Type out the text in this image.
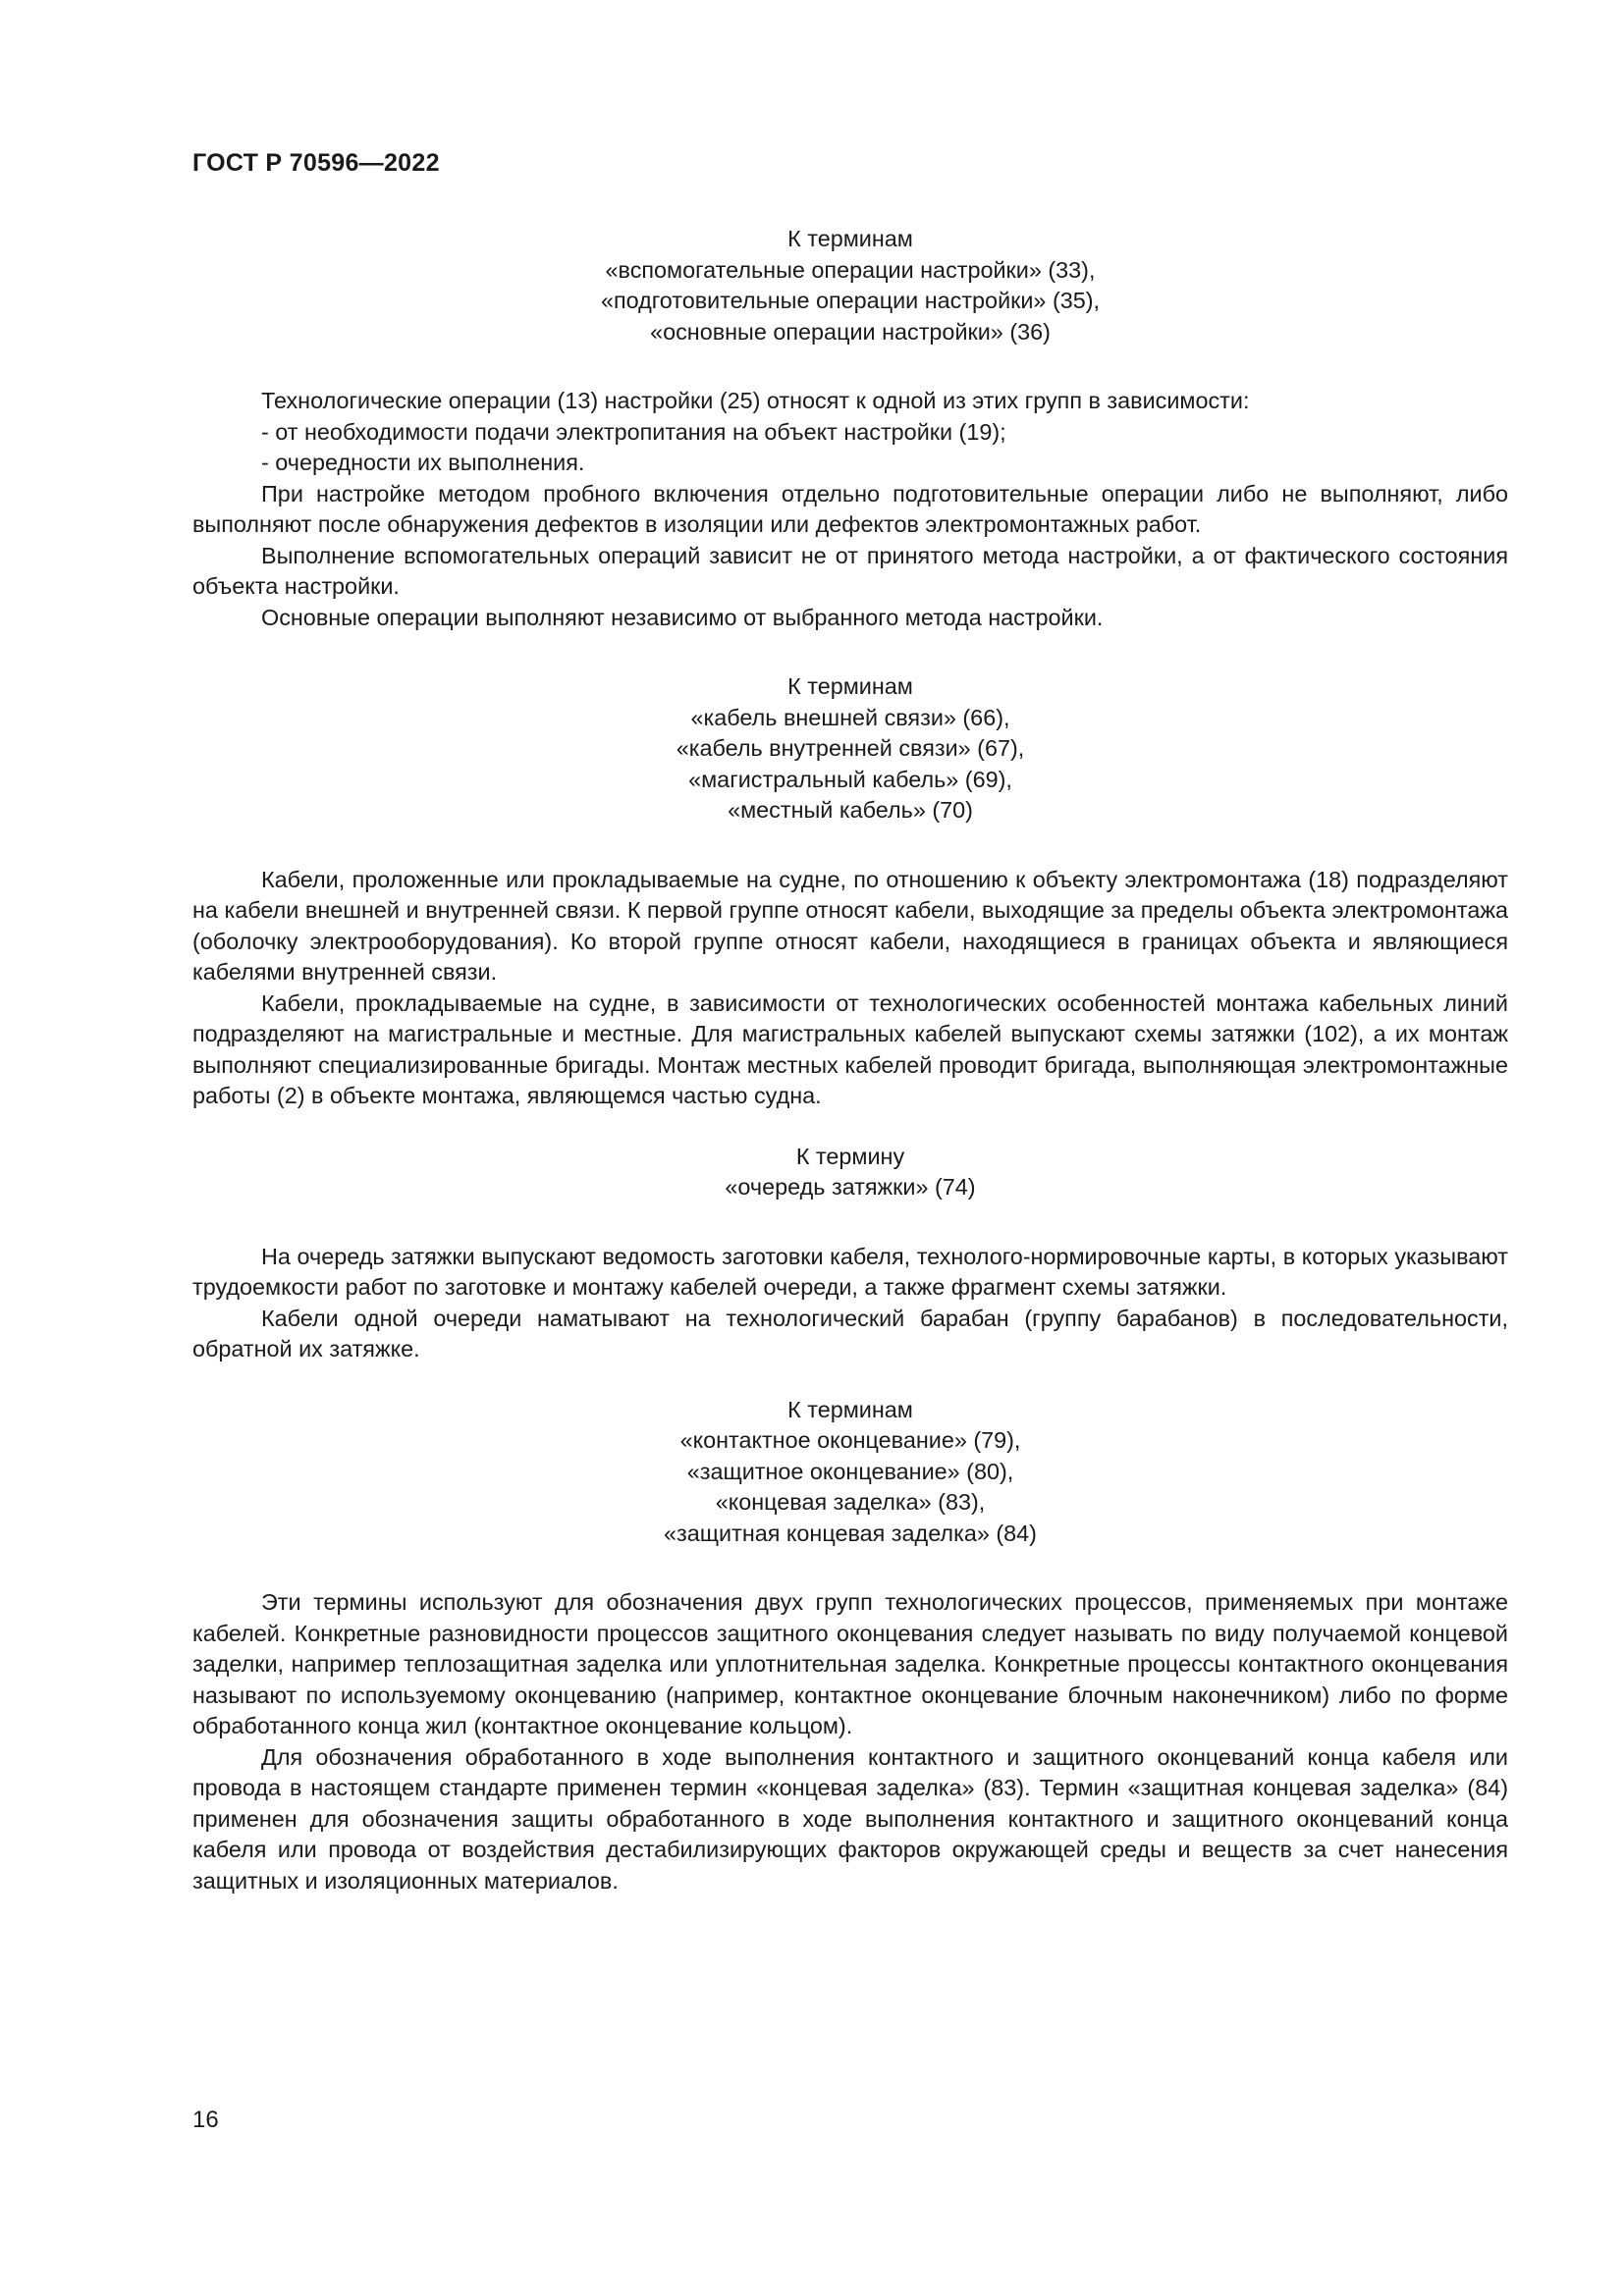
ГОСТ Р 70596—2022
К терминам
«вспомогательные операции настройки» (33),
«подготовительные операции настройки» (35),
«основные операции настройки» (36)

Технологические операции (13) настройки (25) относят к одной из этих групп в зависимости:

- от необходимости подачи электропитания на объект настройки (19);

- очередности их выполнения.

При настройке методом пробного включения отдельно подготовительные операции либо не выполняют, либо выполняют после обнаружения дефектов в изоляции или дефектов электромонтажных работ.

Выполнение вспомогательных операций зависит не от принятого метода настройки, а от фактического состояния объекта настройки.

Основные операции выполняют независимо от выбранного метода настройки.

К терминам
«кабель внешней связи» (66),
«кабель внутренней связи» (67),
«магистральный кабель» (69),
«местный кабель» (70)

Кабели, проложенные или прокладываемые на судне, по отношению к объекту электромонтажа (18) подразделяют на кабели внешней и внутренней связи. К первой группе относят кабели, выходящие за пределы объекта электромонтажа (оболочку электрооборудования). Ко второй группе относят кабели, находящиеся в границах объекта и являющиеся кабелями внутренней связи.

Кабели, прокладываемые на судне, в зависимости от технологических особенностей монтажа кабельных линий подразделяют на магистральные и местные. Для магистральных кабелей выпускают схемы затяжки (102), а их монтаж выполняют специализированные бригады. Монтаж местных кабелей проводит бригада, выполняющая электромонтажные работы (2) в объекте монтажа, являющемся частью судна.

К термину
«очередь затяжки» (74)

На очередь затяжки выпускают ведомость заготовки кабеля, технолого-нормировочные карты, в которых указывают трудоемкости работ по заготовке и монтажу кабелей очереди, а также фрагмент схемы затяжки.

Кабели одной очереди наматывают на технологический барабан (группу барабанов) в последовательности, обратной их затяжке.

К терминам
«контактное оконцевание» (79),
«защитное оконцевание» (80),
«концевая заделка» (83),
«защитная концевая заделка» (84)

Эти термины используют для обозначения двух групп технологических процессов, применяемых при монтаже кабелей. Конкретные разновидности процессов защитного оконцевания следует называть по виду получаемой концевой заделки, например теплозащитная заделка или уплотнительная заделка. Конкретные процессы контактного оконцевания называют по используемому оконцеванию (например, контактное оконцевание блочным наконечником) либо по форме обработанного конца жил (контактное оконцевание кольцом).

Для обозначения обработанного в ходе выполнения контактного и защитного оконцеваний конца кабеля или провода в настоящем стандарте применен термин «концевая заделка» (83). Термин «защитная концевая заделка» (84) применен для обозначения защиты обработанного в ходе выполнения контактного и защитного оконцеваний конца кабеля или провода от воздействия дестабилизирующих факторов окружающей среды и веществ за счет нанесения защитных и изоляционных материалов.

16
